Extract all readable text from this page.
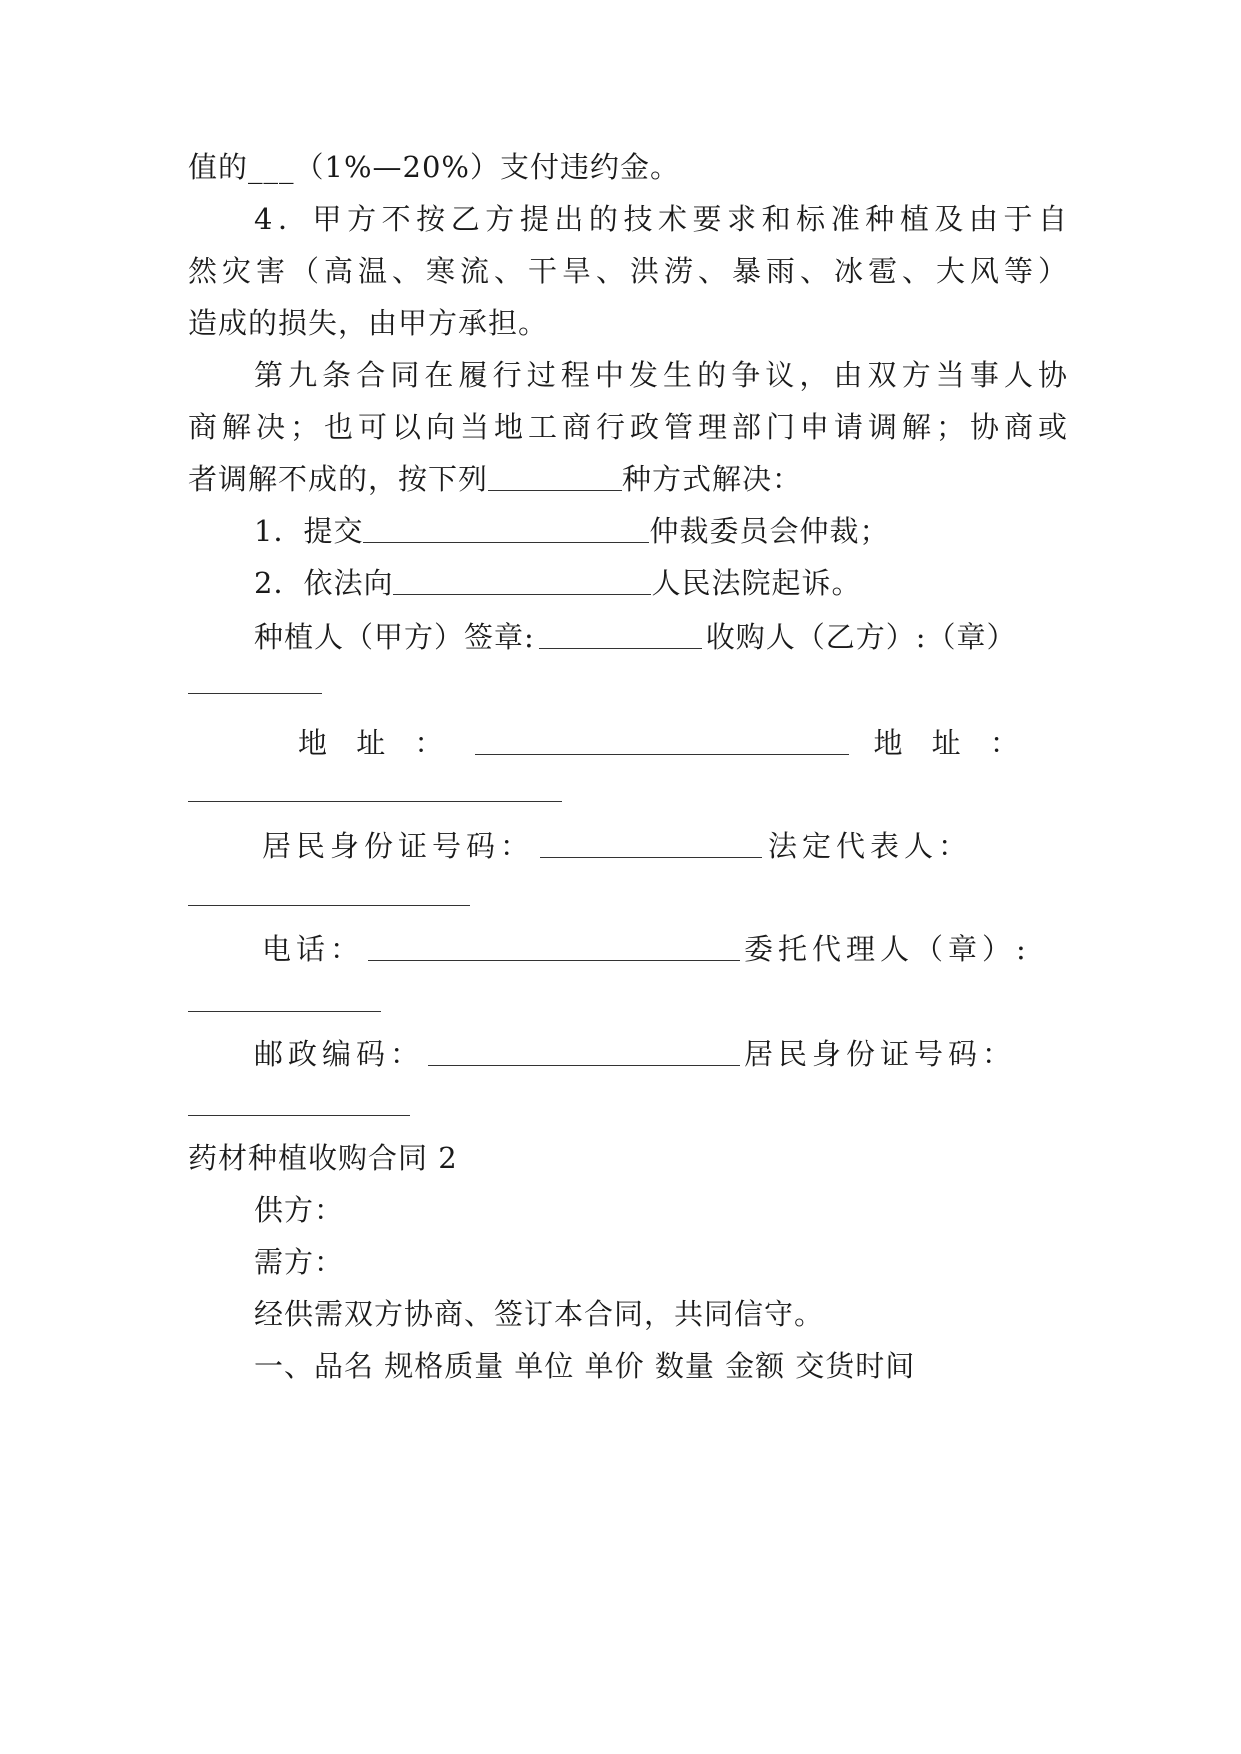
值的___（1%—20%）支付违约金。
4．甲方不按乙方提出的技术要求和标准种植及由于自
然灾害（高温、寒流、干旱、洪涝、暴雨、冰雹、大风等）
造成的损失，由甲方承担。
第九条合同在履行过程中发生的争议，由双方当事人协
商解决；也可以向当地工商行政管理部门申请调解；协商或
者调解不成的，按下列	种方式解决：
1．提交	仲裁委员会仲裁；
2．依法向	人民法院起诉。
种植人（甲方）签章:	收购人（乙方）:（章）
地 址 ：	地 址 ：
居民身份证号码：	法定代表人：
电话：	委托代理人（章）:
邮政编码：	居民身份证号码：
药材种植收购合同 2
供方：
需方：
经供需双方协商、签订本合同，共同信守。
一、品名 规格质量 单位 单价 数量 金额 交货时间
